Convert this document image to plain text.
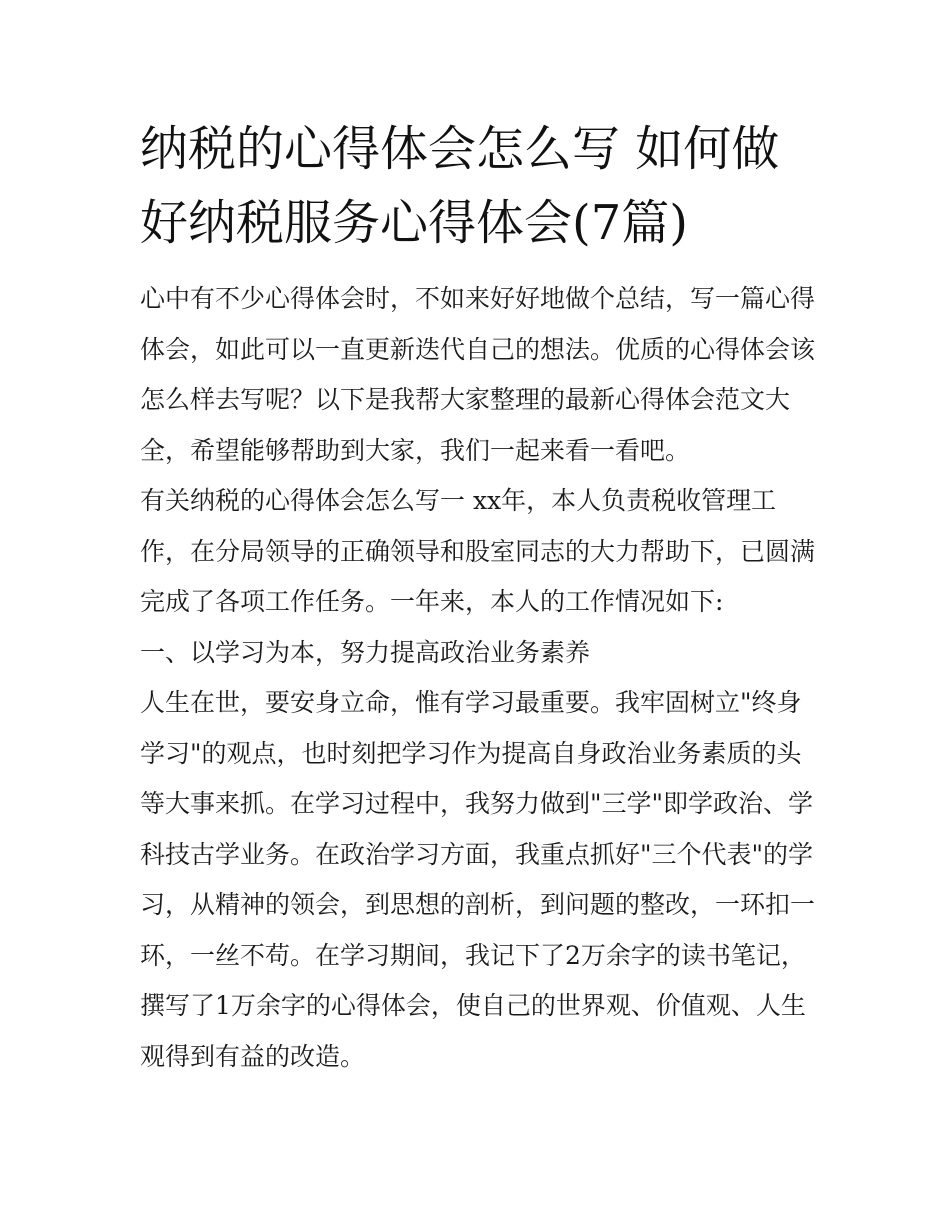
纳税的心得体会怎么写 如何做好纳税服务心得体会(7篇)

心中有不少心得体会时，不如来好好地做个总结，写一篇心得体会，如此可以一直更新迭代自己的想法。优质的心得体会该怎么样去写呢？以下是我帮大家整理的最新心得体会范文大全，希望能够帮助到大家，我们一起来看一看吧。

有关纳税的心得体会怎么写一 xx年，本人负责税收管理工作，在分局领导的正确领导和股室同志的大力帮助下，已圆满完成了各项工作任务。一年来，本人的工作情况如下:

一、以学习为本，努力提高政治业务素养

人生在世，要安身立命，惟有学习最重要。我牢固树立"终身学习"的观点，也时刻把学习作为提高自身政治业务素质的头等大事来抓。在学习过程中，我努力做到"三学"即学政治、学科技古学业务。在政治学习方面，我重点抓好"三个代表"的学习，从精神的领会，到思想的剖析，到问题的整改，一环扣一环，一丝不苟。在学习期间，我记下了2万余字的读书笔记，撰写了1万余字的心得体会，使自己的世界观、价值观、人生观得到有益的改造。
